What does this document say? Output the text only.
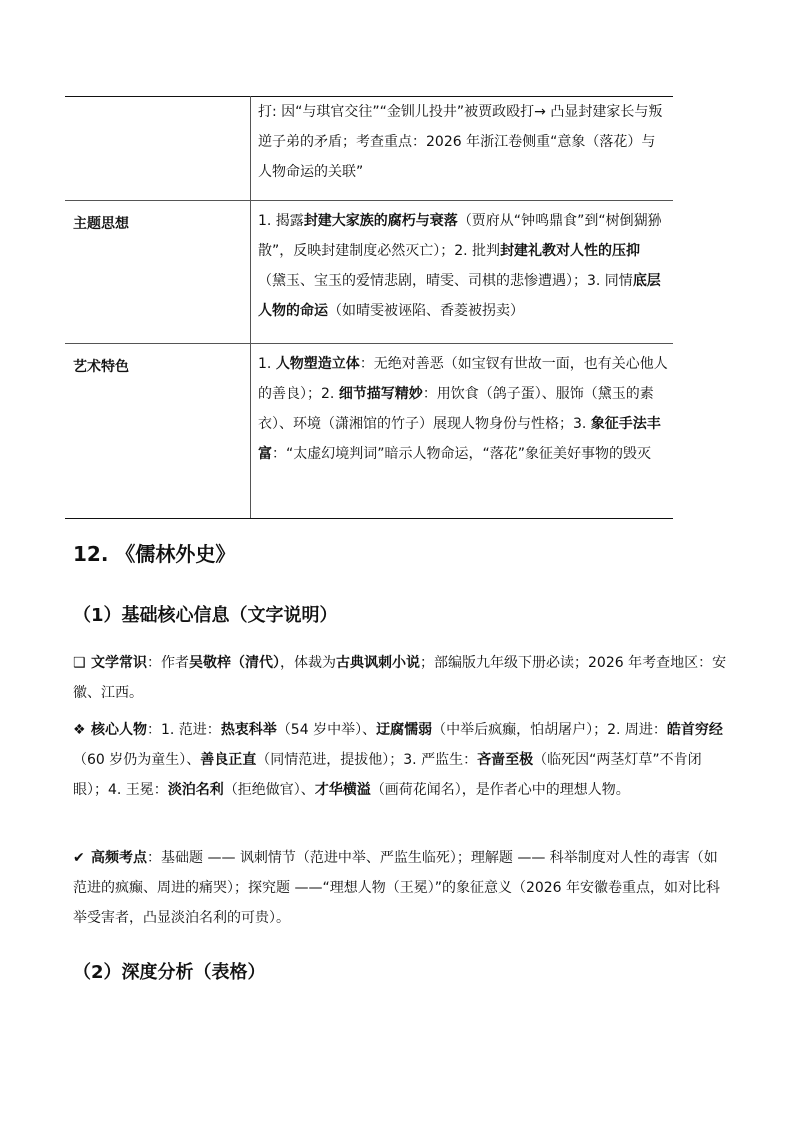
打: 因“与琪官交往”“金钏儿投井”被贾政殴打→ 凸显封建家长与叛逆子弟的矛盾；考查重点：2026 年浙江卷侧重“意象（落花）与人物命运的关联”
主题思想	1. 揭露封建大家族的腐朽与衰落（贾府从“钟鸣鼎食”到“树倒猢狲散”，反映封建制度必然灭亡）；2. 批判封建礼教对人性的压抑（黛玉、宝玉的爱情悲剧，晴雯、司棋的悲惨遭遇）；3. 同情底层人物的命运（如晴雯被诬陷、香菱被拐卖）
艺术特色	1. 人物塑造立体：无绝对善恶（如宝钗有世故一面，也有关心他人的善良）；2. 细节描写精妙：用饮食（鸽子蛋）、服饰（黛玉的素衣）、环境（潇湘馆的竹子）展现人物身份与性格；3. 象征手法丰富：“太虚幻境判词”暗示人物命运，“落花”象征美好事物的毁灭
12. 《儒林外史》
（1）基础核心信息（文字说明）
❑ 文学常识：作者吴敬梓（清代），体裁为古典讽刺小说；部编版九年级下册必读；2026 年考查地区：安徽、江西。
❖ 核心人物：1. 范进：热衷科举（54 岁中举）、迂腐懦弱（中举后疯癫，怕胡屠户）；2. 周进：皓首穷经（60 岁仍为童生）、善良正直（同情范进，提拔他）；3. 严监生：吝啬至极（临死因“两茎灯草”不肯闭眼）；4. 王冕：淡泊名利（拒绝做官）、才华横溢（画荷花闻名），是作者心中的理想人物。
✔ 高频考点：基础题 —— 讽刺情节（范进中举、严监生临死）；理解题 —— 科举制度对人性的毒害（如范进的疯癫、周进的痛哭）；探究题 ——“理想人物（王冕）”的象征意义（2026 年安徽卷重点，如对比科举受害者，凸显淡泊名利的可贵）。
（2）深度分析（表格）
